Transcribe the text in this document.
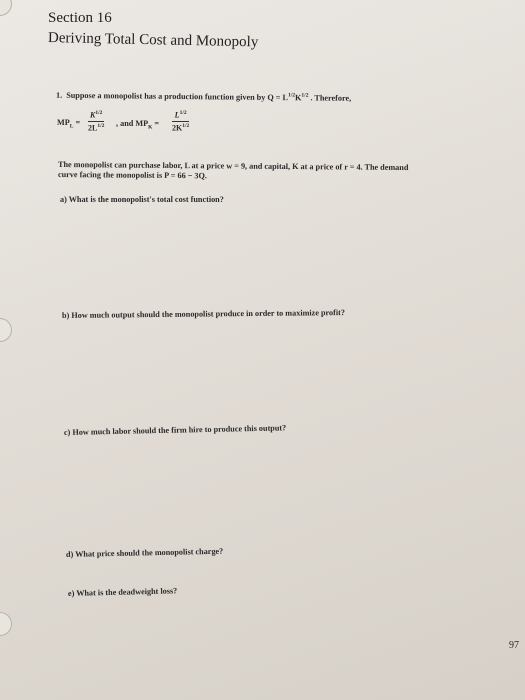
Section 16
Deriving Total Cost and Monopoly
1. Suppose a monopolist has a production function given by $Q = L^{1/2}K^{1/2}$ . Therefore,
$MP_L = \frac{K^{1/2}}{2L^{1/2}}$ , and $MP_K = \frac{L^{1/2}}{2K^{1/2}}$
The monopolist can purchase labor, L at a price w = 9, and capital, K at a price of r = 4. The demand
curve facing the monopolist is P = 66 − 3Q.
a) What is the monopolist's total cost function?
b) How much output should the monopolist produce in order to maximize profit?
c) How much labor should the firm hire to produce this output?
d) What price should the monopolist charge?
e) What is the deadweight loss?
97
